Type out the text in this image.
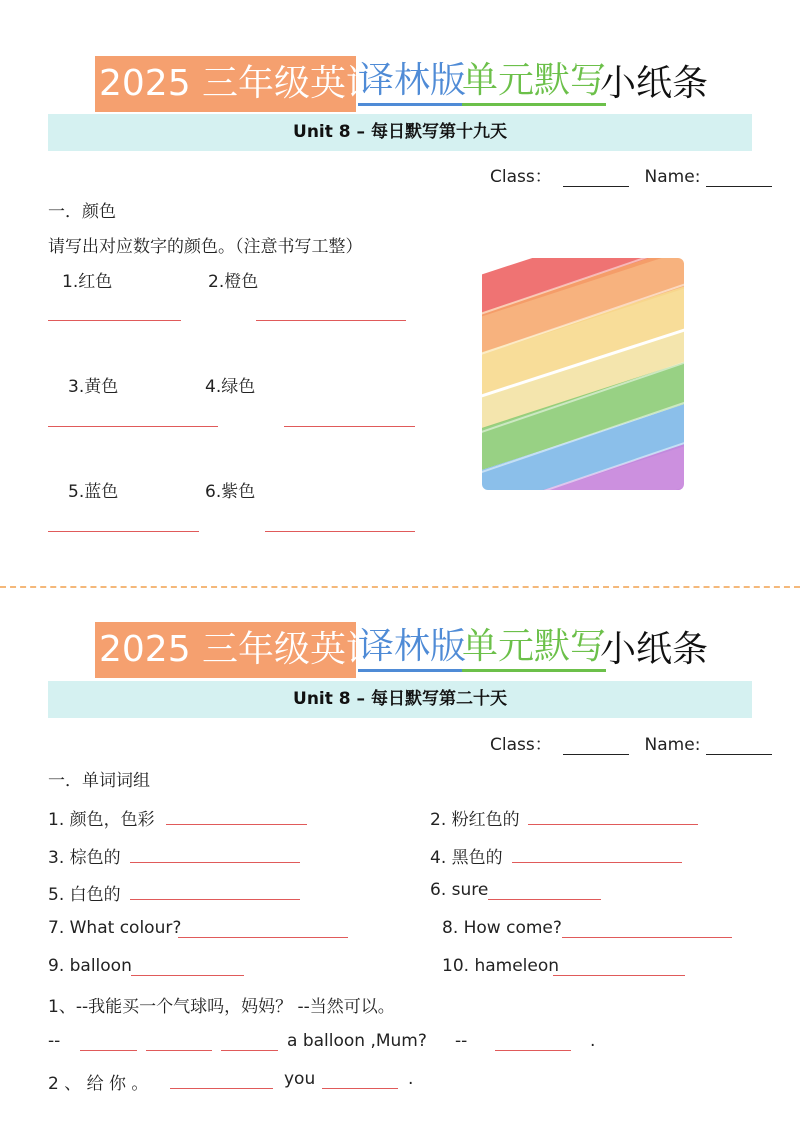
2025 三年级英语
译林版
单元默写
小纸条
Unit 8 – 每日默写第十九天
Class：	Name:
一．颜色
请写出对应数字的颜色。（注意书写工整）
1.红色	2.橙色
3.黄色	4.绿色
5.蓝色	6.紫色
2025 三年级英语
译林版
单元默写
小纸条
Unit 8 – 每日默写第二十天
Class：	Name:
一．单词词组
1. 颜色，色彩	2. 粉红色的
3. 棕色的	4. 黑色的
5. 白色的	6. sure
7. What colour?	8. How come?
9. balloon	10. hameleon
1、--我能买一个气球吗，妈妈？ --当然可以。
--	a balloon ,Mum? --	.
2 、 给 你 。	you	.
